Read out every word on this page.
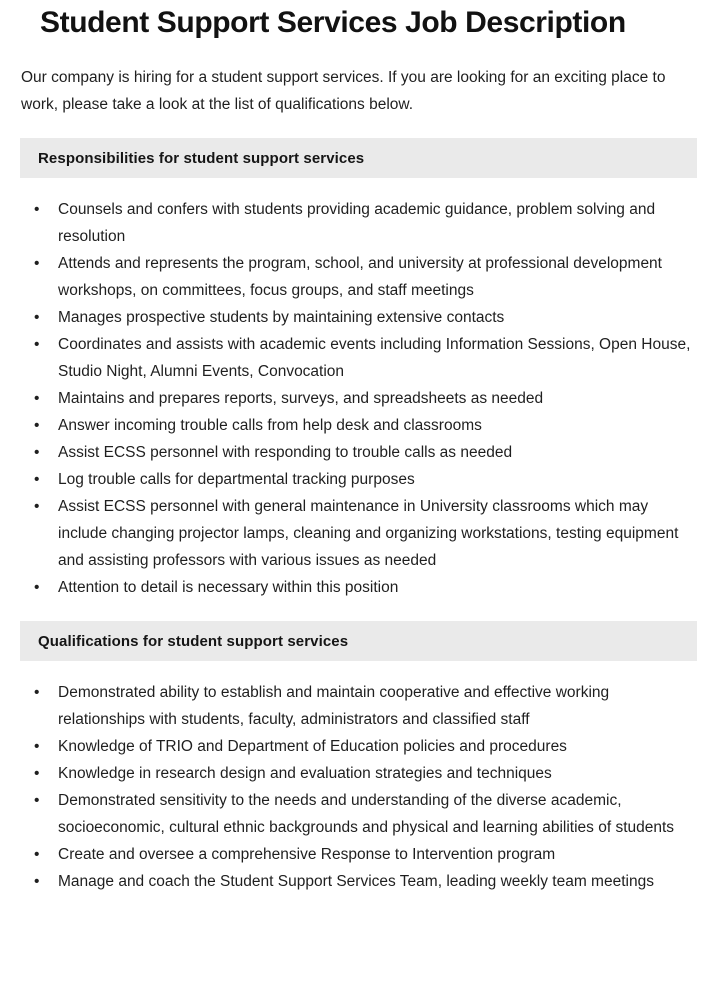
Student Support Services Job Description

Our company is hiring for a student support services. If you are looking for an exciting place to work, please take a look at the list of qualifications below.

Responsibilities for student support services
• Counsels and confers with students providing academic guidance, problem solving and resolution
• Attends and represents the program, school, and university at professional development workshops, on committees, focus groups, and staff meetings
• Manages prospective students by maintaining extensive contacts
• Coordinates and assists with academic events including Information Sessions, Open House, Studio Night, Alumni Events, Convocation
• Maintains and prepares reports, surveys, and spreadsheets as needed
• Answer incoming trouble calls from help desk and classrooms
• Assist ECSS personnel with responding to trouble calls as needed
• Log trouble calls for departmental tracking purposes
• Assist ECSS personnel with general maintenance in University classrooms which may include changing projector lamps, cleaning and organizing workstations, testing equipment and assisting professors with various issues as needed
• Attention to detail is necessary within this position
Qualifications for student support services
• Demonstrated ability to establish and maintain cooperative and effective working relationships with students, faculty, administrators and classified staff
• Knowledge of TRIO and Department of Education policies and procedures
• Knowledge in research design and evaluation strategies and techniques
• Demonstrated sensitivity to the needs and understanding of the diverse academic, socioeconomic, cultural ethnic backgrounds and physical and learning abilities of students
• Create and oversee a comprehensive Response to Intervention program
• Manage and coach the Student Support Services Team, leading weekly team meetings
